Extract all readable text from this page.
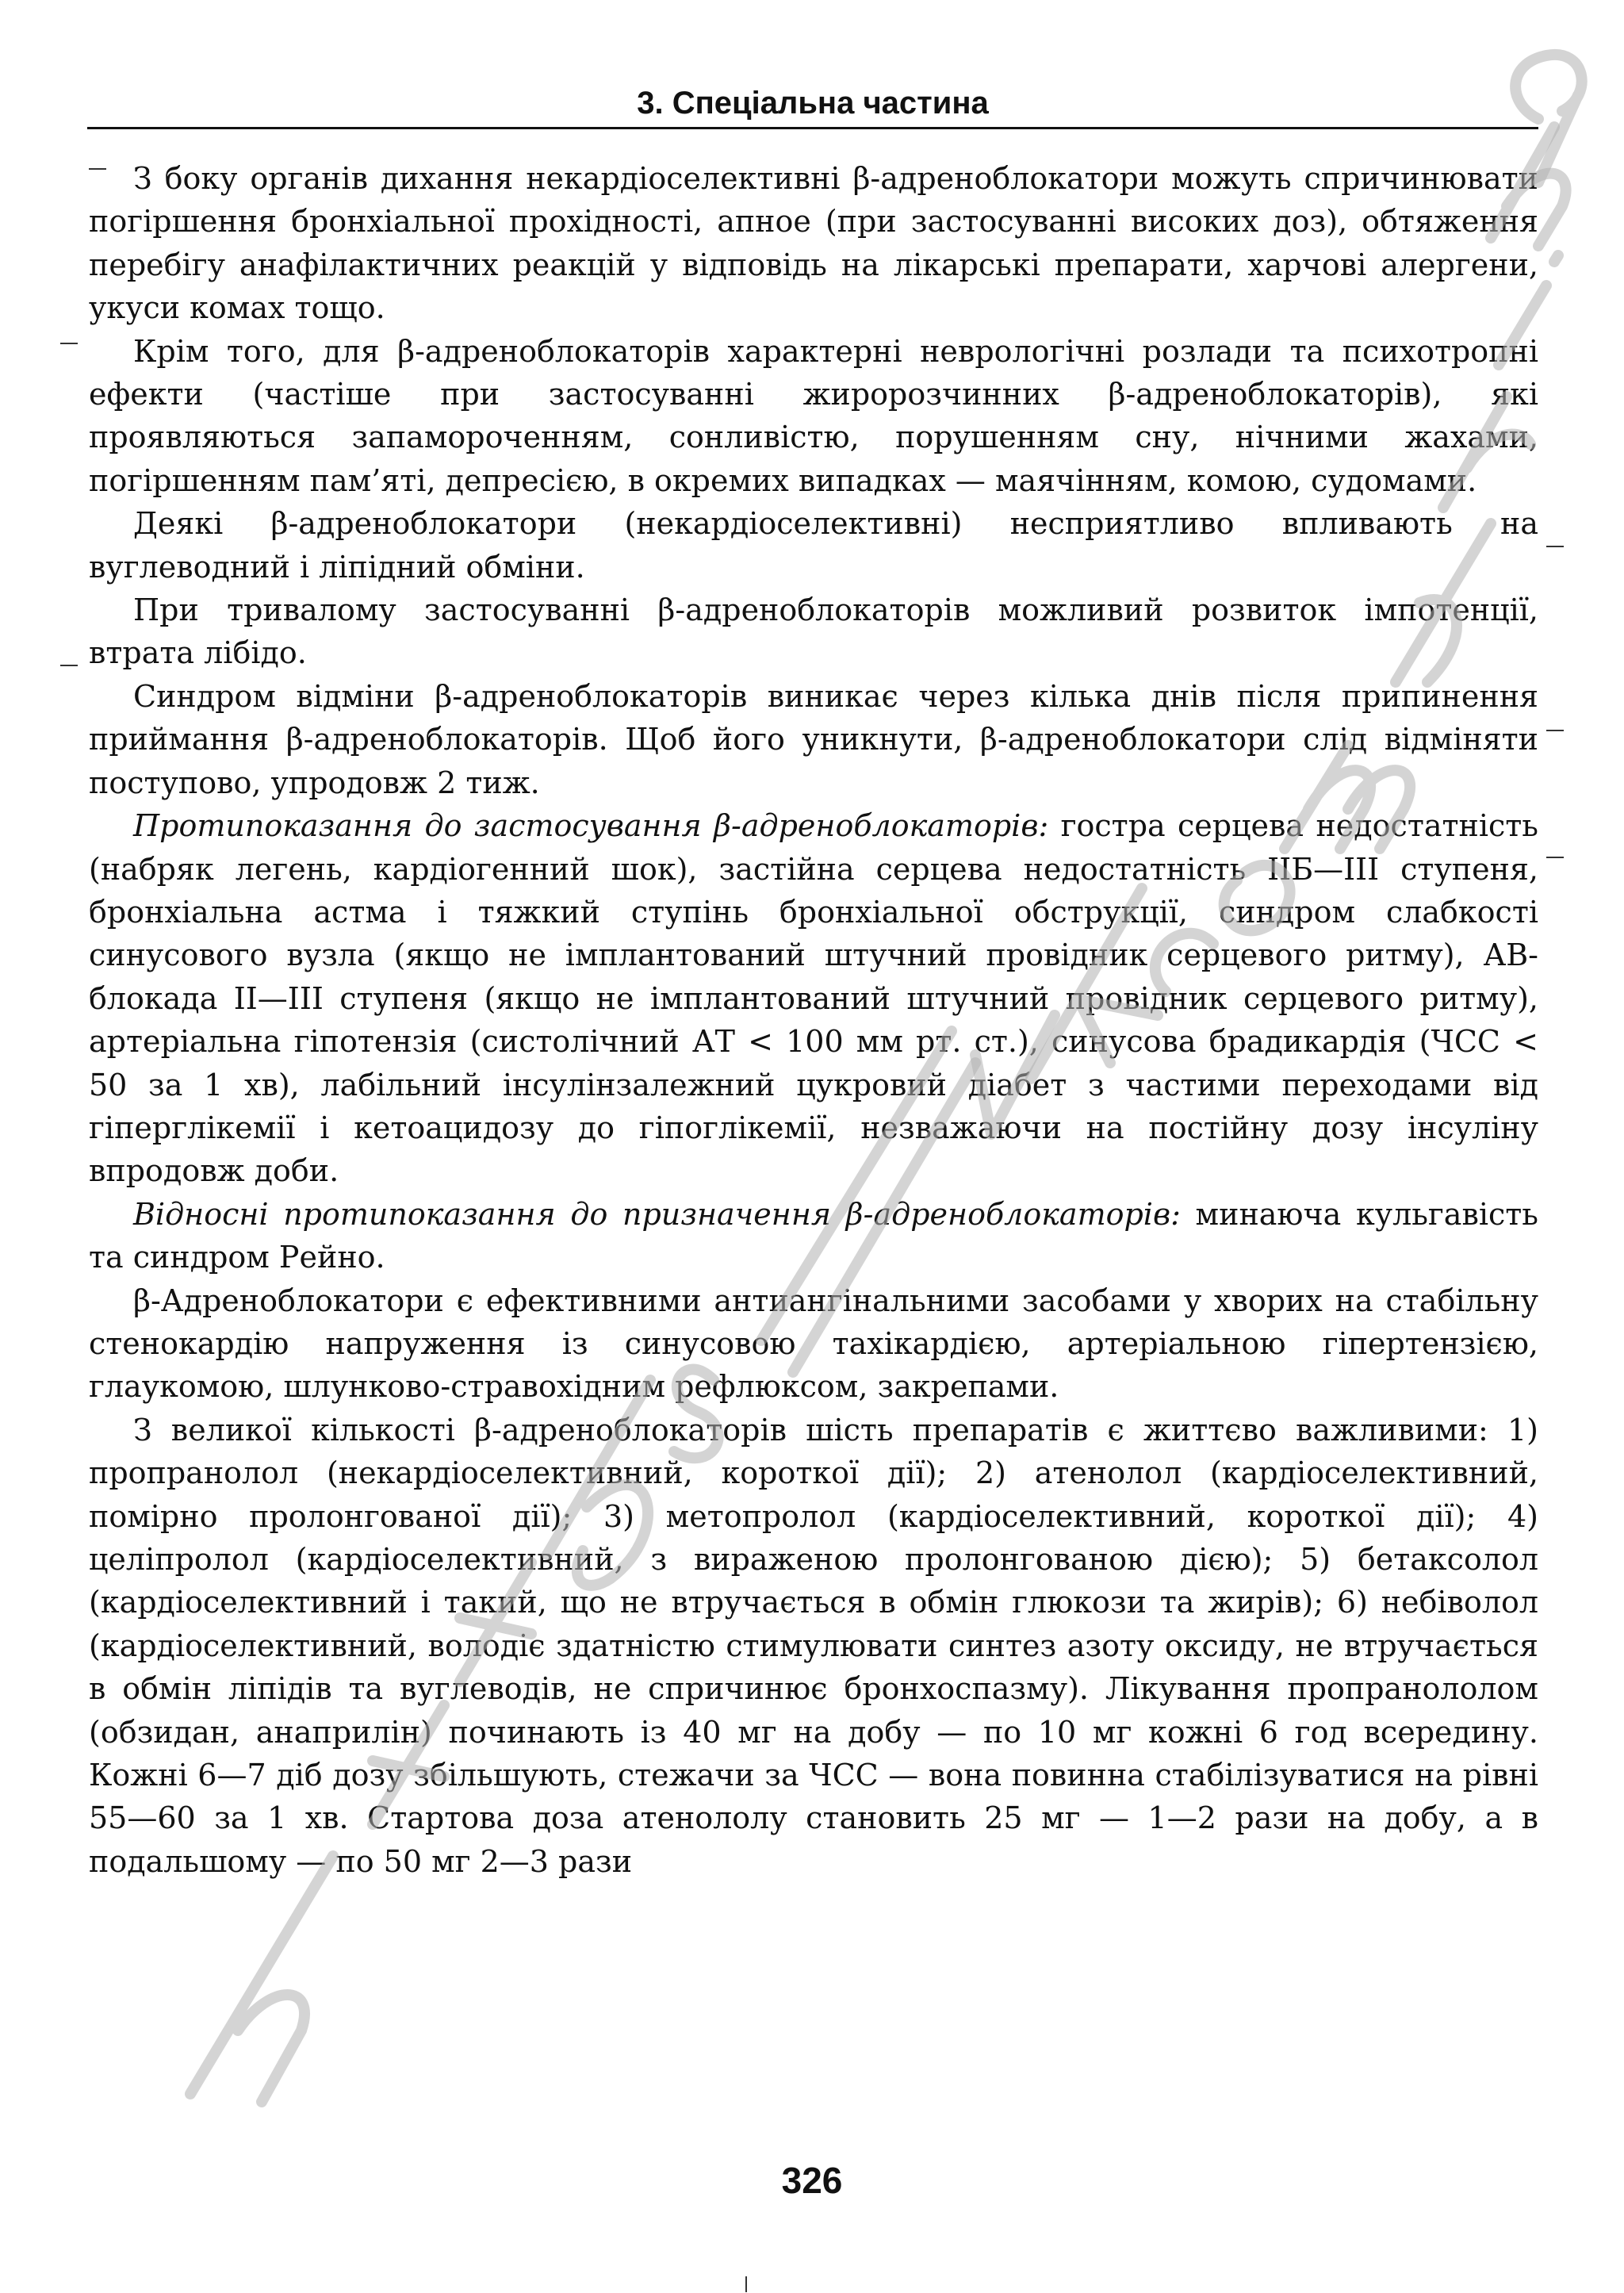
3. Спеціальна частина

З боку органів дихання некардіоселективні β-адреноблокатори можуть спричинювати погіршення бронхіальної прохідності, апное (при застосуванні високих доз), обтяження перебігу анафілактичних реакцій у відповідь на лікарські препарати, харчові алергени, укуси комах тощо.

Крім того, для β-адреноблокаторів характерні неврологічні розлади та психотропні ефекти (частіше при застосуванні жиророзчинних β-адреноблокаторів), які проявляються запамороченням, сонливістю, порушенням сну, нічними жахами, погіршенням пам’яті, депресією, в окремих випадках — маячінням, комою, судомами.

Деякі β-адреноблокатори (некардіоселективні) несприятливо впливають на вуглеводний і ліпідний обміни.

При тривалому застосуванні β-адреноблокаторів можливий розвиток імпотенції, втрата лібідо.

Синдром відміни β-адреноблокаторів виникає через кілька днів після припинення приймання β-адреноблокаторів. Щоб його уникнути, β-адреноблокатори слід відміняти поступово, упродовж 2 тиж.

Протипоказання до застосування β-адреноблокаторів: гостра серцева недостатність (набряк легень, кардіогенний шок), застійна серцева недостатність ІІБ—ІІІ ступеня, бронхіальна астма і тяжкий ступінь бронхіальної обструкції, синдром слабкості синусового вузла (якщо не імплантований штучний провідник серцевого ритму), АВ-блокада ІІ—ІІІ ступеня (якщо не імплантований штучний провідник серцевого ритму), артеріальна гіпотензія (систолічний АТ < 100 мм рт. ст.), синусова брадикардія (ЧСС < 50 за 1 хв), лабільний інсулінзалежний цукровий діабет з частими переходами від гіперглікемії і кетоацидозу до гіпоглікемії, незважаючи на постійну дозу інсуліну впродовж доби.

Відносні протипоказання до призначення β-адреноблокаторів: минаюча кульгавість та синдром Рейно.

β-Адреноблокатори є ефективними антиангінальними засобами у хворих на стабільну стенокардію напруження із синусовою тахікардією, артеріальною гіпертензією, глаукомою, шлунково-стравохідним рефлюксом, закрепами.

З великої кількості β-адреноблокаторів шість препаратів є життєво важливими: 1) пропранолол (некардіоселективний, короткої дії); 2) атенолол (кардіоселективний, помірно пролонгованої дії); 3) метопролол (кардіоселективний, короткої дії); 4) целіпролол (кардіоселективний, з вираженою пролонгованою дією); 5) бетаксолол (кардіоселективний і такий, що не втручається в обмін глюкози та жирів); 6) небіволол (кардіоселективний, володіє здатністю стимулювати синтез азоту оксиду, не втручається в обмін ліпідів та вуглеводів, не спричинює бронхоспазму). Лікування пропранололом (обзидан, анаприлін) починають із 40 мг на добу — по 10 мг кожні 6 год всередину. Кожні 6—7 діб дозу збільшують, стежачи за ЧСС — вона повинна стабілізуватися на рівні 55—60 за 1 хв. Стартова доза атенололу становить 25 мг — 1—2 рази на добу, а в подальшому — по 50 мг 2—3 рази

326
